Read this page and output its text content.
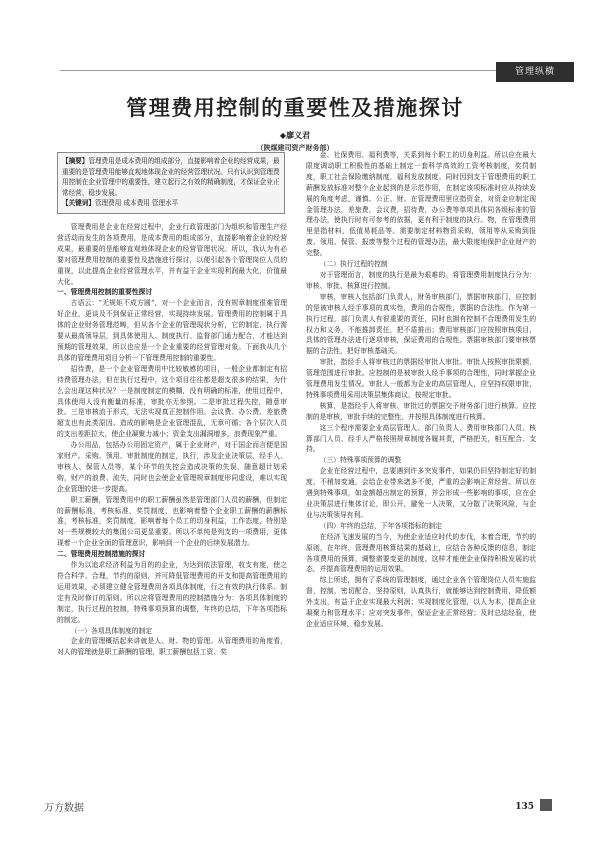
管理纵横
管理费用控制的重要性及措施探讨
◆廖义君
（陕煤建司资产财务部）
【摘要】管理费用是成本费用的组成部分，直接影响着企业的经营成果，最重要的是管理费用能够直观地体现企业的经营管理状况。只有认识到管理费用控制在企业管理中的重要性，建立起行之有效的精确制度，才保证企业正常经营、稳步发展。
【关键词】管理费用 成本费用 管理水平

管理费用是企业在经营过程中，企业行政管理部门为组织和管理生产经营活动而发生的各项费用，是成本费用的组成部分，直接影响着企业的经营成果，最重要的是能够直观地体现企业的经营管理状况。所以，我认为有必要对管理费用控制的重要性及措施进行探讨，以便引起各个管理岗位人员的重视，以此提高企业经营管理水平，并有益于企业实现利润最大化，价值最大化。

一、管理费用控制的重要性探讨

古语云：“无规矩不成方圆”，对一个企业而言，没有规章制度很难管理好企业，更谈及不到保证正常经营，实现持续发展。管理费用的控制属于具体的企业财务管理范畴，但从各个企业的管理现状分析，它的制定、执行需要从最高领导层，到具体使用人、制度执行、监督部门通力配合，才能达到预期的管理效果，所以也应是一个企业重要的经营管理对象。下面我从几个具体的管理费用项目分析一下管理费用控制的重要性。

招待费，是一个企业管理费用中比较敏感的项目，一般企业都制定有招待费管理办法，但在执行过程中，这个项目往往都是超支很多的结果，为什么会出现这种状况？一是制度制定的模糊，没有明确的标准，使用过程中，具体使用人没有衡量的标准，审批亦无参照。二是审批过程失控，随意审批。三是审核流于形式，无法实现真正控制作用。会议费、办公费、差旅费超支也有此类原因。造成的影响是企业管理混乱，无章可循；各个层次人员的支出差距拉大，使企业凝聚力减小；资金支出漏洞增多，浪费现象严重。

办公用品，包括办公用固定资产，属于企业财产，对于国企而言便是国家财产。采购、领用、审批制度的制定，执行，涉及企业决策层、经手人、审核人、保管人员等，某个环节的失控会造成决策的失误，随意超计划采购，财产的浪费、流失，同时也会使企业管理规章制度形同虚设，难以实现企业管理的进一步提高。

职工薪酬，管理费用中的职工薪酬虽然是管理部门人员的薪酬，但制定的薪酬标准，考核标准，奖罚制度，也影响着整个企业职工薪酬的薪酬标准，考核标准，奖罚制度，影响着每个员工的切身利益，工作态度，特别是对一些规模较大的集团公司更显重要。所以不单纯是列支的一项费用，更体现着一个企业全面的管理意识，影响到一个企业的后续发展潜力。

二、管理费用控制措施的探讨

作为以追求经济利益为目的的企业，为达到依法管理，收支有度，使之符合科学、合理，节约的原则，并可降低管理费用的开支和提高管理费用的运用效果，必须建立健全管理费用各项具体制度，行之有效的执行体系、制定有及时修订的原则。所以应将管理费用的控制措施分为：各项具体制度的制定，执行过程的控制，特殊事项预算的调整，年终的总结，下年各项指标的制定。

（一）各项具体制度的制定

企业的管理概括起来讲就是人、财、物的管理。从管理费用的角度看，对人的管理就是职工薪酬的管理，职工薪酬包括工资、奖

金、社保费用、福利费等，关系到每个职工的切身利益。所以应在最大限度调动职工积极性的基础上制定一套科学高效的工资考核制度，奖罚制度，职工社会保险缴纳制度，福利发放制度。同时因到支于管理费用的职工薪酬发放标准对整个企业起到的是示范作用，在制定该项标准时应从持续发展的角度考虑，谨慎、公正、财。在管理费用里应指资金，对资金应制定现金管理办法，差旅费，会议费，招待费，办公费等单项具体同各级标准的管理办法，使执行时有可参考的依据，更有利于制度的执行。物，在管理费用里是指材料，低值易耗品等。需要制定材料物资采购，领用等从采购到报废、领用、保管、报废等整个过程的管理办法，最大限度地保护企业财产的完整。

（二）执行过程的控制

对于管理而言，制度的执行是最为艰难的。将管理费用制度执行分为：审核、审批、核算进行控制。

审核，审核人包括部门负责人，财务审核部门，票据审核部门，应控制的是被审核人经手事项的真实性，费用的合规性，票据的合法性。作为第一执行过程，部门负责人有很重要的责任，同时也拥有控制不合理费用发生的权力和义务，不能推卸责任，把不盾推出；费用审核部门应按照审核项目，具体的管理办法进行逐项审核，保证费用的合规性。票据审核部门要审核票据的合法性，把好审核基础关。

审批，指经手人将审核过的票据经审批人审批。审批人按照审批限额，管理范围进行审批。应控制的是被审批人经手事项的合理性，同时掌握企业管理费用发生情况。审批人一般都为企业的高层管理人，应坚持权限审批，特殊事项费用采用决策层集体商议，按规定审批。

核算，是指经手人将审核、审批过的票据交予财务部门进行核算。应控制的是审核，审批手续的完整性，并按照具体制度进行核算。

这三个程序需要企业高层管理人、部门负责人、费用审核部门人员、核算部门人员、经手人严格按照规章制度各履其责，严格把关，相互配合、支持。

（三）特殊事项预算的调整

企业在经营过程中，总要遇到许多突发事件，如果仍旧坚持制定好的制度，不稍加变通，会给企业带来诸多不便，严重的会影响正常经营。所以在遇到特殊事项，如金额超出制定的预算，并会形成一些影响的事项，应在企业决策层进行集体讨论，即公开，避免一人决策，又分散了决策风险，与企业与决策领导有利。

（四）年终的总结，下年各项指标的制定

在经济飞速发展的当今，为使企业适应时代的步伐，本着合理，节约的原则，在年终，管理费用核算结果的基础上，应结合各种反馈的信息，制定各项费用的预算，调整需要变更的制度。这样才能使企业保持积极发展的状态，并提高管理费用的运用效果。

综上所述，拥有了系统的管理制度，通过企业各个管理岗位人员实施监督，控制，密切配合，坚持原则，认真执行，就能够达到控制费用，降低额外支出，有益于企业实现最大利润；实现制度化管理，以人为本，提高企业凝聚力和管理水平；应对突发事件，保证企业正常经营；及时总结经验，使企业适应环境，稳步发展。

万方数据	135
